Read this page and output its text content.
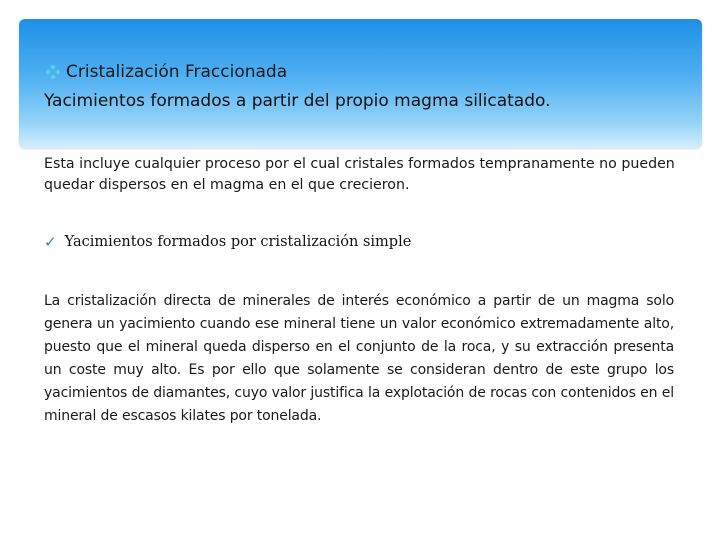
Cristalización Fraccionada
Yacimientos formados a partir del propio magma silicatado.
Esta incluye cualquier proceso por el cual cristales formados tempranamente no pueden quedar dispersos en el magma en el que crecieron.
✓ Yacimientos formados por cristalización simple
La cristalización directa de minerales de interés económico a partir de un magma solo genera un yacimiento cuando ese mineral tiene un valor económico extremadamente alto, puesto que el mineral queda disperso en el conjunto de la roca, y su extracción presenta un coste muy alto. Es por ello que solamente se consideran dentro de este grupo los yacimientos de diamantes, cuyo valor justifica la explotación de rocas con contenidos en el mineral de escasos kilates por tonelada.
